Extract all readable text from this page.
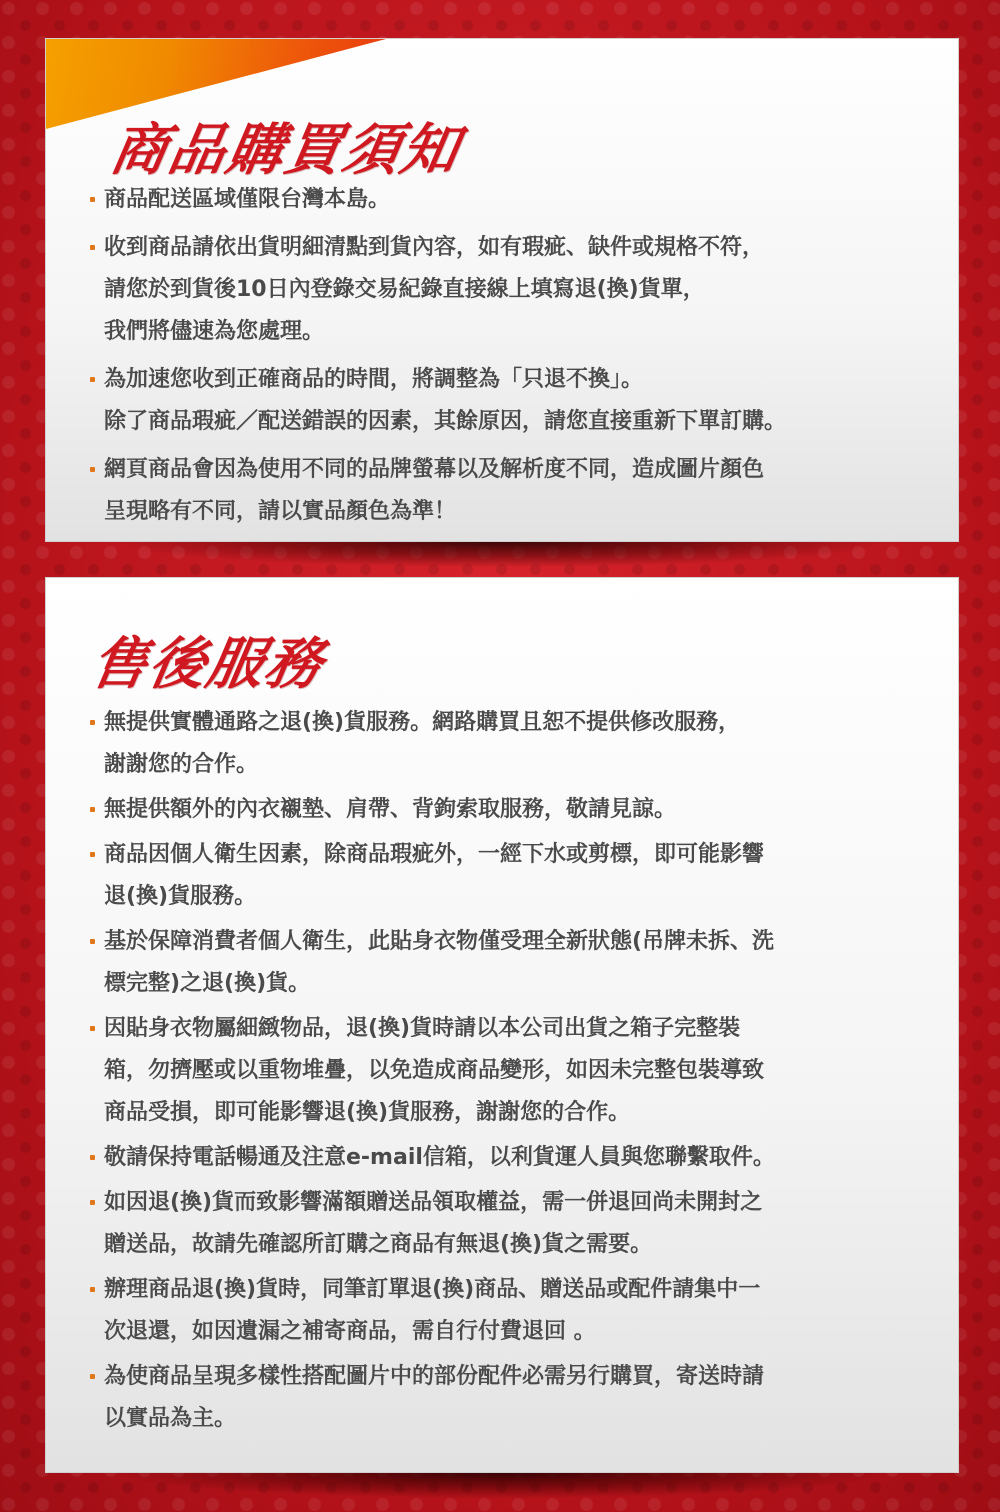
商品購買須知
商品配送區域僅限台灣本島。
收到商品請依出貨明細清點到貨內容，如有瑕疵、缺件或規格不符，
請您於到貨後10日內登錄交易紀錄直接線上填寫退(換)貨單，
我們將儘速為您處理。
為加速您收到正確商品的時間，將調整為「只退不換」。
除了商品瑕疵／配送錯誤的因素，其餘原因，請您直接重新下單訂購。
網頁商品會因為使用不同的品牌螢幕以及解析度不同，造成圖片顏色
呈現略有不同，請以實品顏色為準！
售後服務
無提供實體通路之退(換)貨服務。網路購買且恕不提供修改服務，
謝謝您的合作。
無提供額外的內衣襯墊、肩帶、背鉤索取服務，敬請見諒。
商品因個人衛生因素，除商品瑕疵外，一經下水或剪標，即可能影響
退(換)貨服務。
基於保障消費者個人衛生，此貼身衣物僅受理全新狀態(吊牌未拆、洗
標完整)之退(換)貨。
因貼身衣物屬細緻物品，退(換)貨時請以本公司出貨之箱子完整裝
箱，勿擠壓或以重物堆疊，以免造成商品變形，如因未完整包裝導致
商品受損，即可能影響退(換)貨服務，謝謝您的合作。
敬請保持電話暢通及注意e-mail信箱，以利貨運人員與您聯繫取件。
如因退(換)貨而致影響滿額贈送品領取權益，需一併退回尚未開封之
贈送品，故請先確認所訂購之商品有無退(換)貨之需要。
辦理商品退(換)貨時，同筆訂單退(換)商品、贈送品或配件請集中一
次退還，如因遺漏之補寄商品，需自行付費退回 。
為使商品呈現多樣性搭配圖片中的部份配件必需另行購買，寄送時請
以實品為主。
